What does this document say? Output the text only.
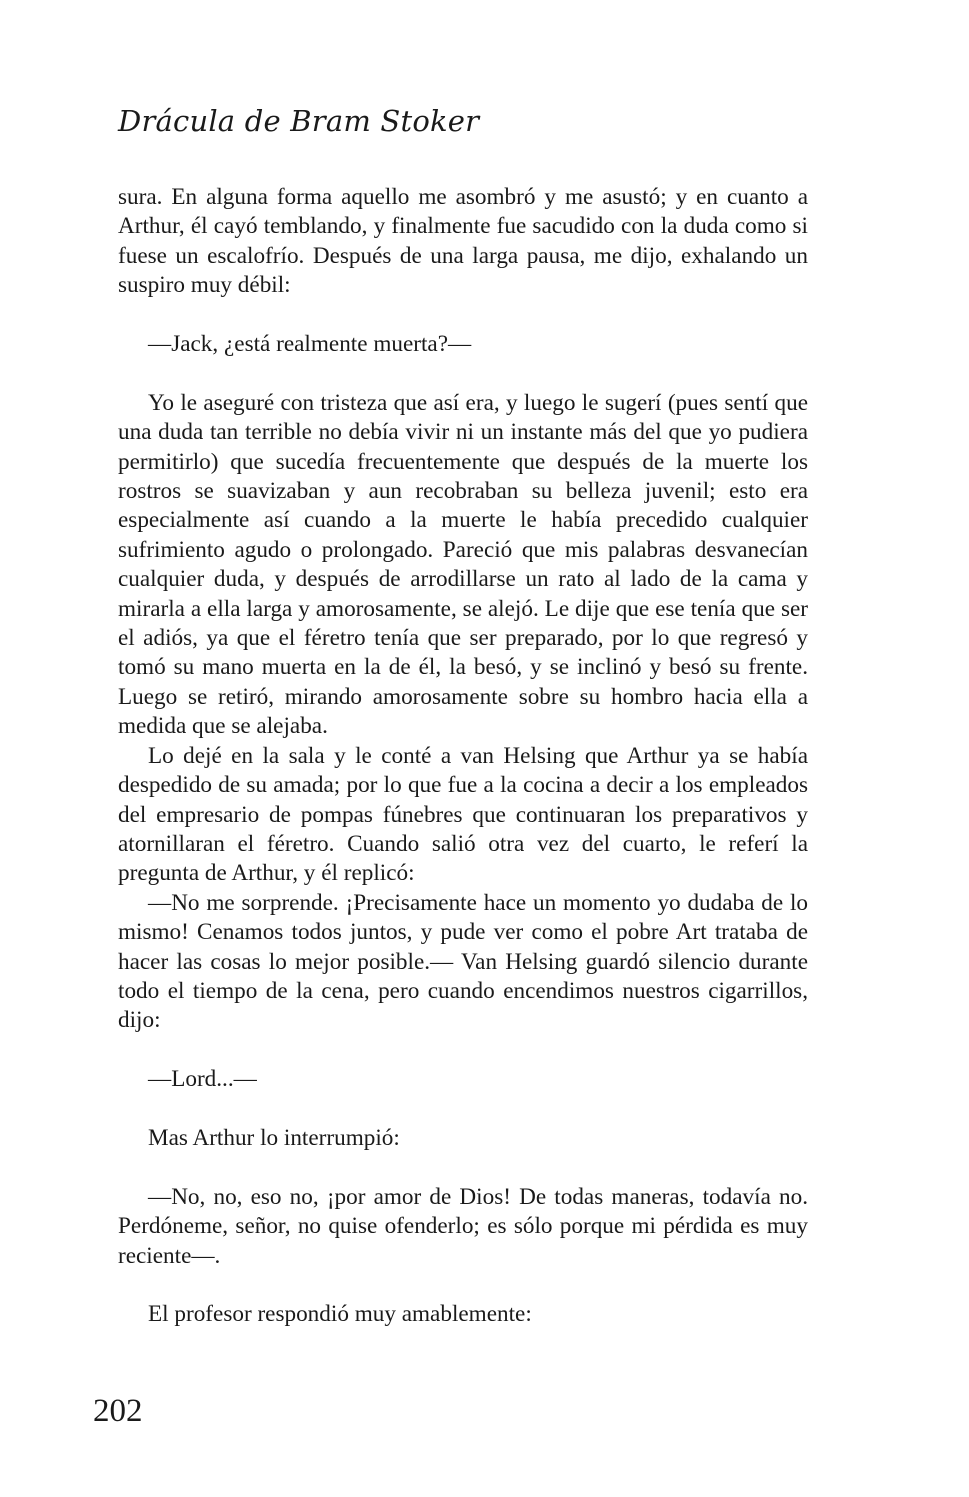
Drácula de Bram Stoker

sura. En alguna forma aquello me asombró y me asustó; y en cuanto a Arthur, él cayó temblando, y finalmente fue sacudido con la duda como si fuese un escalofrío. Después de una larga pausa, me dijo, exhalando un suspiro muy débil:

—Jack, ¿está realmente muerta?—

Yo le aseguré con tristeza que así era, y luego le sugerí (pues sentí que una duda tan terrible no debía vivir ni un instante más del que yo pudiera permitirlo) que sucedía frecuentemente que después de la muerte los rostros se suavizaban y aun recobraban su belleza juvenil; esto era especialmente así cuando a la muerte le había precedido cualquier sufrimiento agudo o prolongado. Pareció que mis palabras desvanecían cualquier duda, y después de arrodillarse un rato al lado de la cama y mirarla a ella larga y amorosamente, se alejó. Le dije que ese tenía que ser el adiós, ya que el féretro tenía que ser preparado, por lo que regresó y tomó su mano muerta en la de él, la besó, y se inclinó y besó su frente. Luego se retiró, mirando amorosamente sobre su hombro hacia ella a medida que se alejaba.

Lo dejé en la sala y le conté a van Helsing que Arthur ya se había despedido de su amada; por lo que fue a la cocina a decir a los empleados del empresario de pompas fúnebres que continuaran los preparativos y atornillaran el féretro. Cuando salió otra vez del cuarto, le referí la pregunta de Arthur, y él replicó:

—No me sorprende. ¡Precisamente hace un momento yo dudaba de lo mismo! Cenamos todos juntos, y pude ver como el pobre Art trataba de hacer las cosas lo mejor posible.— Van Helsing guardó silencio durante todo el tiempo de la cena, pero cuando encendimos nuestros cigarrillos, dijo:

—Lord...—

Mas Arthur lo interrumpió:

—No, no, eso no, ¡por amor de Dios! De todas maneras, todavía no. Perdóneme, señor, no quise ofenderlo; es sólo porque mi pérdida es muy reciente—.

El profesor respondió muy amablemente:

202
